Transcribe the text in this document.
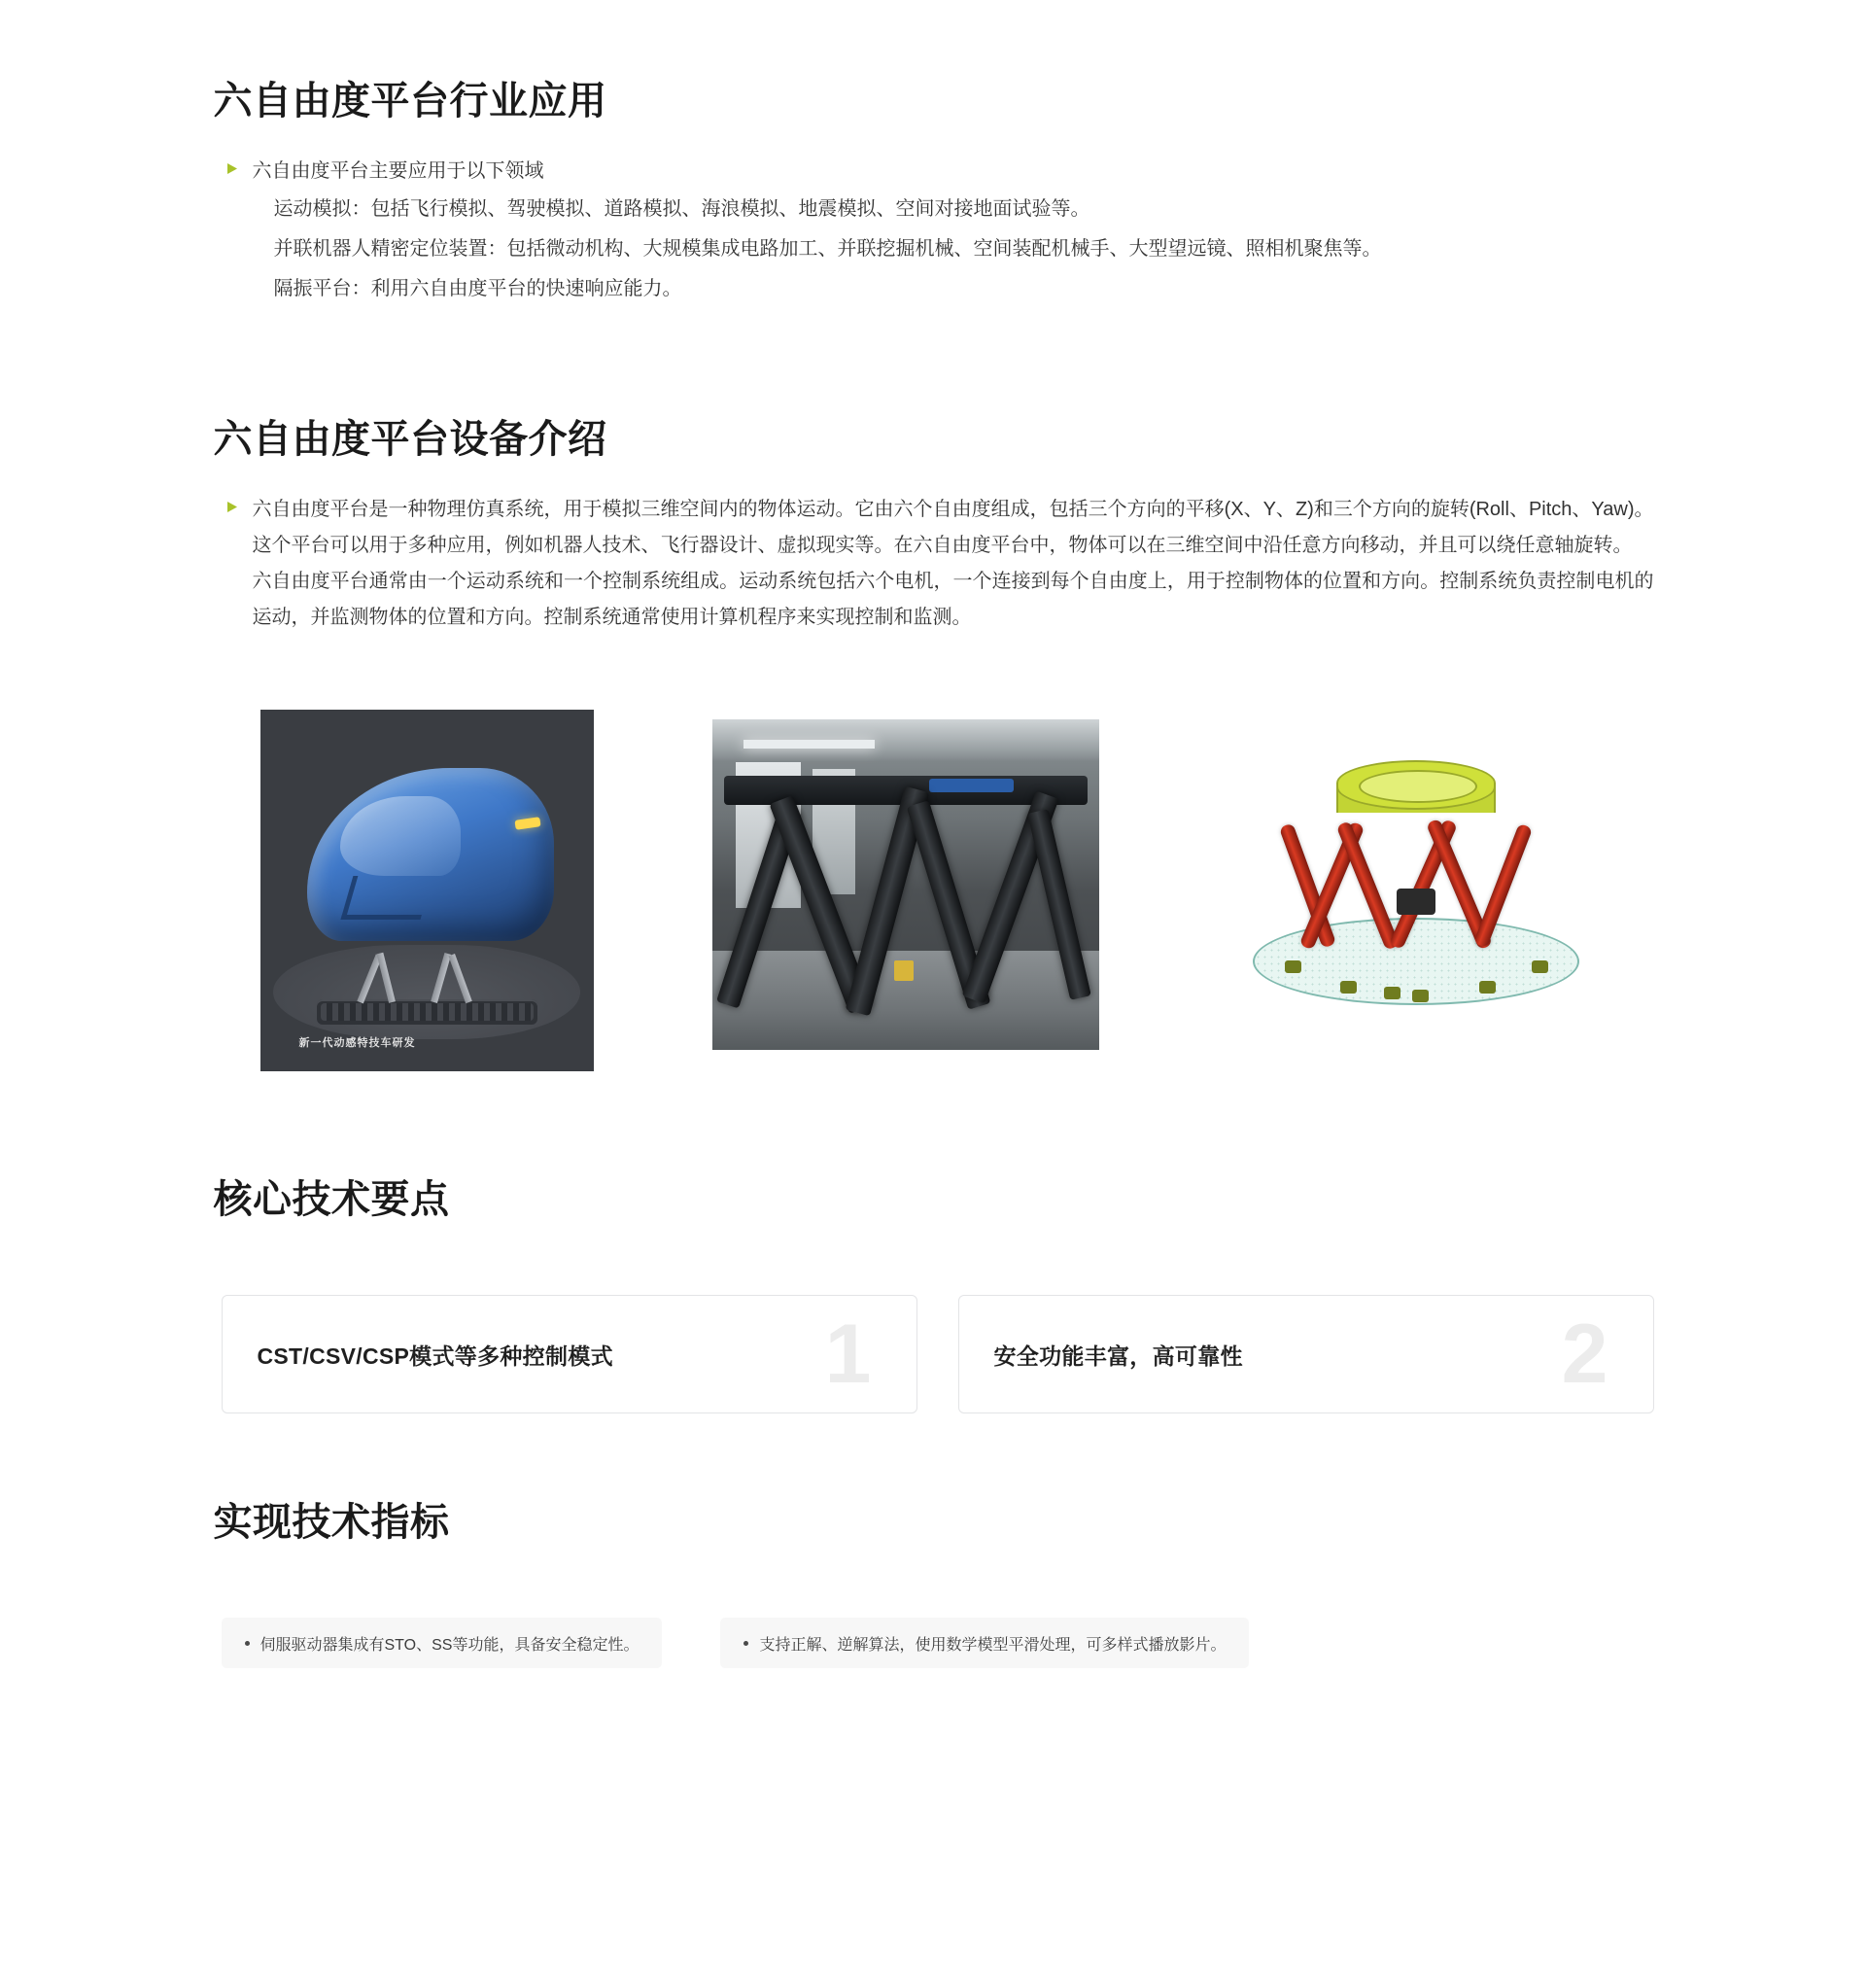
六自由度平台行业应用

六自由度平台主要应用于以下领域

运动模拟：包括飞行模拟、驾驶模拟、道路模拟、海浪模拟、地震模拟、空间对接地面试验等。

并联机器人精密定位装置：包括微动机构、大规模集成电路加工、并联挖掘机械、空间装配机械手、大型望远镜、照相机聚焦等。

隔振平台：利用六自由度平台的快速响应能力。

六自由度平台设备介绍

六自由度平台是一种物理仿真系统，用于模拟三维空间内的物体运动。它由六个自由度组成，包括三个方向的平移(X、Y、Z)和三个方向的旋转(Roll、Pitch、Yaw)。这个平台可以用于多种应用，例如机器人技术、飞行器设计、虚拟现实等。在六自由度平台中，物体可以在三维空间中沿任意方向移动，并且可以绕任意轴旋转。

六自由度平台通常由一个运动系统和一个控制系统组成。运动系统包括六个电机，一个连接到每个自由度上，用于控制物体的位置和方向。控制系统负责控制电机的运动，并监测物体的位置和方向。控制系统通常使用计算机程序来实现控制和监测。

新一代动感特技车研发
核心技术要点
CST/CSV/CSP模式等多种控制模式	1	安全功能丰富，高可靠性	2
实现技术指标
伺服驱动器集成有STO、SS等功能，具备安全稳定性。	支持正解、逆解算法，使用数学模型平滑处理，可多样式播放影片。
